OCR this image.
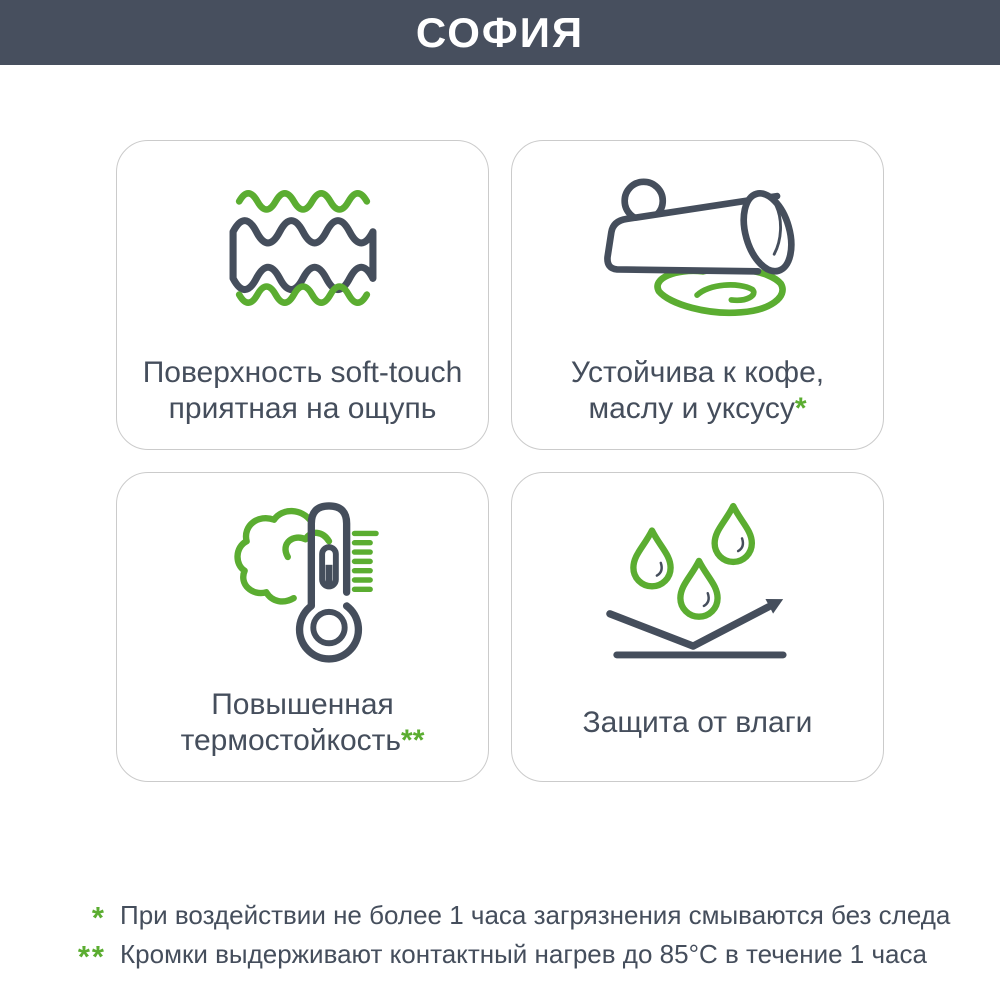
СОФИЯ
Поверхность soft-touch
приятная на ощупь
Устойчива к кофе,
маслу и уксусу*
Повышенная
термостойкость**
Защита от влаги
* При воздействии не более 1 часа загрязнения смываются без следа
** Кромки выдерживают контактный нагрев до 85°С в течение 1 часа
